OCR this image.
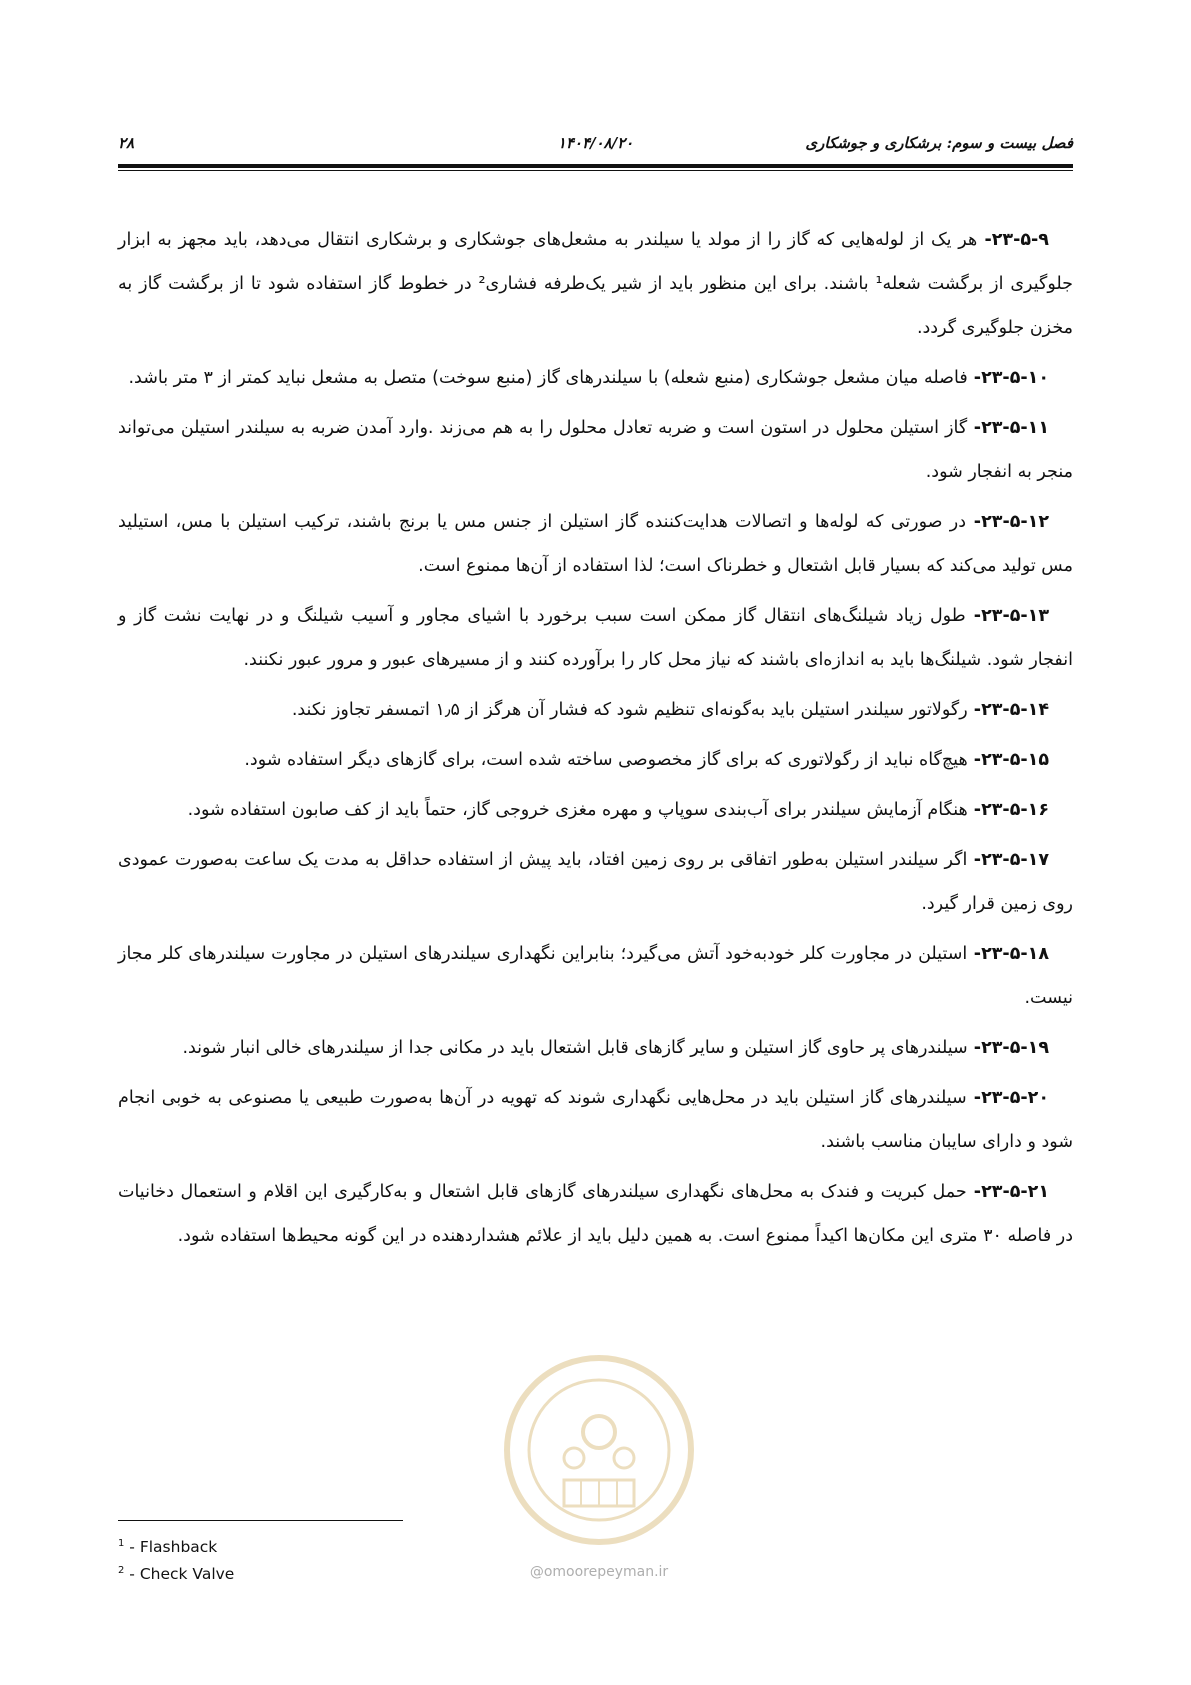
۲۸	۱۴۰۴/۰۸/۲۰	فصل بیست و سوم: برشکاری و جوشکاری

۲۳-۵-۹- هر یک از لوله‌هایی که گاز را از مولد یا سیلندر به مشعل‌های جوشکاری و برشکاری انتقال می‌دهد، باید مجهز به ابزار جلوگیری از برگشت شعله¹ باشند. برای این منظور باید از شیر یک‌طرفه فشاری² در خطوط گاز استفاده شود تا از برگشت گاز به مخزن جلوگیری گردد.

۲۳-۵-۱۰- فاصله میان مشعل جوشکاری (منبع شعله) با سیلندرهای گاز (منبع سوخت) متصل به مشعل نباید کمتر از ۳ متر باشد.

۲۳-۵-۱۱- گاز استیلن محلول در استون است و ضربه تعادل محلول را به هم می‌زند .وارد آمدن ضربه به سیلندر استیلن می‌تواند منجر به انفجار شود.

۲۳-۵-۱۲- در صورتی که لوله‌ها و اتصالات هدایت‌کننده گاز استیلن از جنس مس یا برنج باشند، ترکیب استیلن با مس، استیلید مس تولید می‌کند که بسیار قابل اشتعال و خطرناک است؛ لذا استفاده از آن‌ها ممنوع است.

۲۳-۵-۱۳- طول زیاد شیلنگ‌های انتقال گاز ممکن است سبب برخورد با اشیای مجاور و آسیب شیلنگ و در نهایت نشت گاز و انفجار شود. شیلنگ‌ها باید به اندازه‌ای باشند که نیاز محل کار را برآورده کنند و از مسیرهای عبور و مرور عبور نکنند.

۲۳-۵-۱۴- رگولاتور سیلندر استیلن باید به‌گونه‌ای تنظیم شود که فشار آن هرگز از ۱٫۵ اتمسفر تجاوز نکند.

۲۳-۵-۱۵- هیچ‌گاه نباید از رگولاتوری که برای گاز مخصوصی ساخته شده است، برای گازهای دیگر استفاده شود.

۲۳-۵-۱۶- هنگام آزمایش سیلندر برای آب‌بندی سوپاپ و مهره مغزی خروجی گاز، حتماً باید از کف صابون استفاده شود.

۲۳-۵-۱۷- اگر سیلندر استیلن به‌طور اتفاقی بر روی زمین افتاد، باید پیش از استفاده حداقل به مدت یک ساعت به‌صورت عمودی روی زمین قرار گیرد.

۲۳-۵-۱۸- استیلن در مجاورت کلر خودبه‌خود آتش می‌گیرد؛ بنابراین نگهداری سیلندرهای استیلن در مجاورت سیلندرهای کلر مجاز نیست.

۲۳-۵-۱۹- سیلندرهای پر حاوی گاز استیلن و سایر گازهای قابل اشتعال باید در مکانی جدا از سیلندرهای خالی انبار شوند.

۲۳-۵-۲۰- سیلندرهای گاز استیلن باید در محل‌هایی نگهداری شوند که تهویه در آن‌ها به‌صورت طبیعی یا مصنوعی به خوبی انجام شود و دارای سایبان مناسب باشند.

۲۳-۵-۲۱- حمل کبریت و فندک به محل‌های نگهداری سیلندرهای گازهای قابل اشتعال و به‌کارگیری این اقلام و استعمال دخانیات در فاصله ۳۰ متری این مکان‌ها اکیداً ممنوع است. به همین دلیل باید از علائم هشداردهنده در این گونه محیط‌ها استفاده شود.

@omoorepeyman.ir
$^1$ - Flashback
$^2$ - Check Valve
